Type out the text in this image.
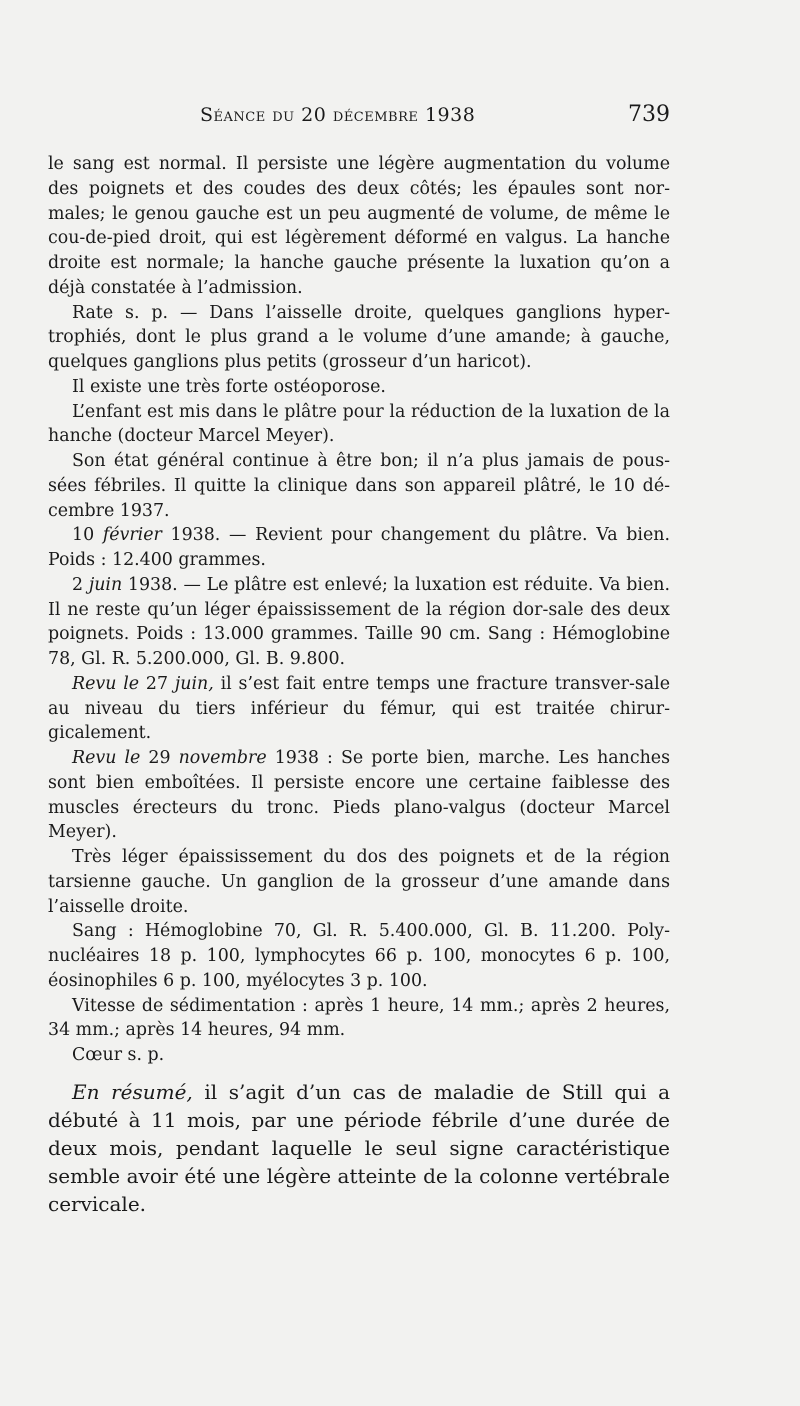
Séance du 20 décembre 1938	739

le sang est normal. Il persiste une légère augmentation du volume des poignets et des coudes des deux côtés; les épaules sont nor-males; le genou gauche est un peu augmenté de volume, de même le cou-de-pied droit, qui est légèrement déformé en valgus. La hanche droite est normale; la hanche gauche présente la luxation qu’on a déjà constatée à l’admission.

Rate s. p. — Dans l’aisselle droite, quelques ganglions hyper-trophiés, dont le plus grand a le volume d’une amande; à gauche, quelques ganglions plus petits (grosseur d’un haricot).

Il existe une très forte ostéoporose.

L’enfant est mis dans le plâtre pour la réduction de la luxation de la hanche (docteur Marcel Meyer).

Son état général continue à être bon; il n’a plus jamais de pous-sées fébriles. Il quitte la clinique dans son appareil plâtré, le 10 dé-cembre 1937.

10 février 1938. — Revient pour changement du plâtre. Va bien. Poids : 12.400 grammes.

2 juin 1938. — Le plâtre est enlevé; la luxation est réduite. Va bien. Il ne reste qu’un léger épaississement de la région dor-sale des deux poignets. Poids : 13.000 grammes. Taille 90 cm. Sang : Hémoglobine 78, Gl. R. 5.200.000, Gl. B. 9.800.

Revu le 27 juin, il s’est fait entre temps une fracture transver-sale au niveau du tiers inférieur du fémur, qui est traitée chirur-gicalement.

Revu le 29 novembre 1938 : Se porte bien, marche. Les hanches sont bien emboîtées. Il persiste encore une certaine faiblesse des muscles érecteurs du tronc. Pieds plano-valgus (docteur Marcel Meyer).

Très léger épaississement du dos des poignets et de la région tarsienne gauche. Un ganglion de la grosseur d’une amande dans l’aisselle droite.

Sang : Hémoglobine 70, Gl. R. 5.400.000, Gl. B. 11.200. Poly-nucléaires 18 p. 100, lymphocytes 66 p. 100, monocytes 6 p. 100, éosinophiles 6 p. 100, myélocytes 3 p. 100.

Vitesse de sédimentation : après 1 heure, 14 mm.; après 2 heures, 34 mm.; après 14 heures, 94 mm.

Cœur s. p.

En résumé, il s’agit d’un cas de maladie de Still qui a débuté à 11 mois, par une période fébrile d’une durée de deux mois, pendant laquelle le seul signe caractéristique semble avoir été une légère atteinte de la colonne vertébrale cervicale.
